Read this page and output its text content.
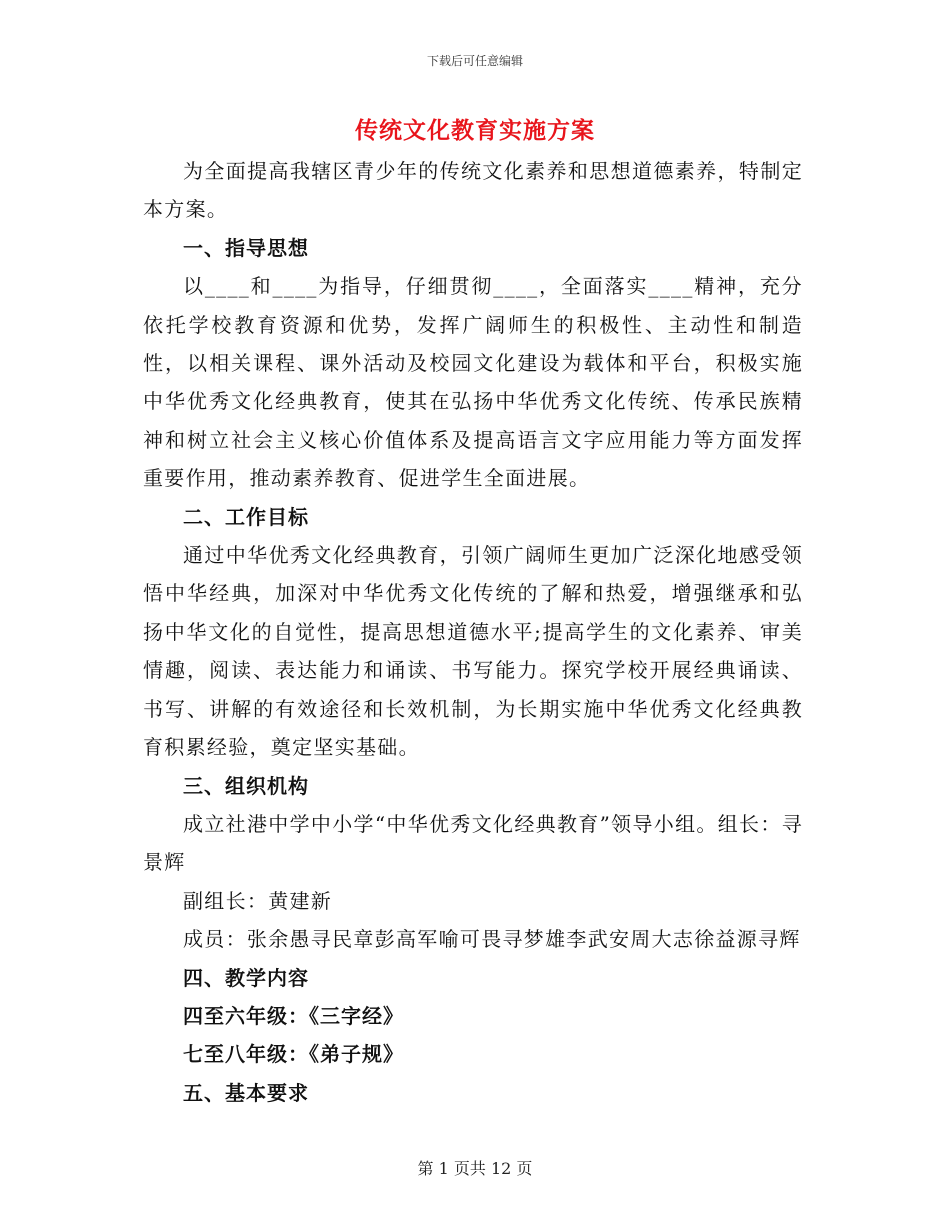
下载后可任意编辑
传统文化教育实施方案

为全面提高我辖区青少年的传统文化素养和思想道德素养，特制定本方案。

一、指导思想

以____和____为指导，仔细贯彻____，全面落实____精神，充分依托学校教育资源和优势，发挥广阔师生的积极性、主动性和制造性，以相关课程、课外活动及校园文化建设为载体和平台，积极实施中华优秀文化经典教育，使其在弘扬中华优秀文化传统、传承民族精神和树立社会主义核心价值体系及提高语言文字应用能力等方面发挥重要作用，推动素养教育、促进学生全面进展。

二、工作目标

通过中华优秀文化经典教育，引领广阔师生更加广泛深化地感受领悟中华经典，加深对中华优秀文化传统的了解和热爱，增强继承和弘扬中华文化的自觉性，提高思想道德水平;提高学生的文化素养、审美情趣，阅读、表达能力和诵读、书写能力。探究学校开展经典诵读、书写、讲解的有效途径和长效机制，为长期实施中华优秀文化经典教育积累经验，奠定坚实基础。

三、组织机构

成立社港中学中小学“中华优秀文化经典教育”领导小组。组长：寻景辉

副组长：黄建新

成员：张余愚寻民章彭高军喻可畏寻梦雄李武安周大志徐益源寻辉

四、教学内容

四至六年级：《三字经》

七至八年级：《弟子规》

五、基本要求

第 1 页共 12 页
